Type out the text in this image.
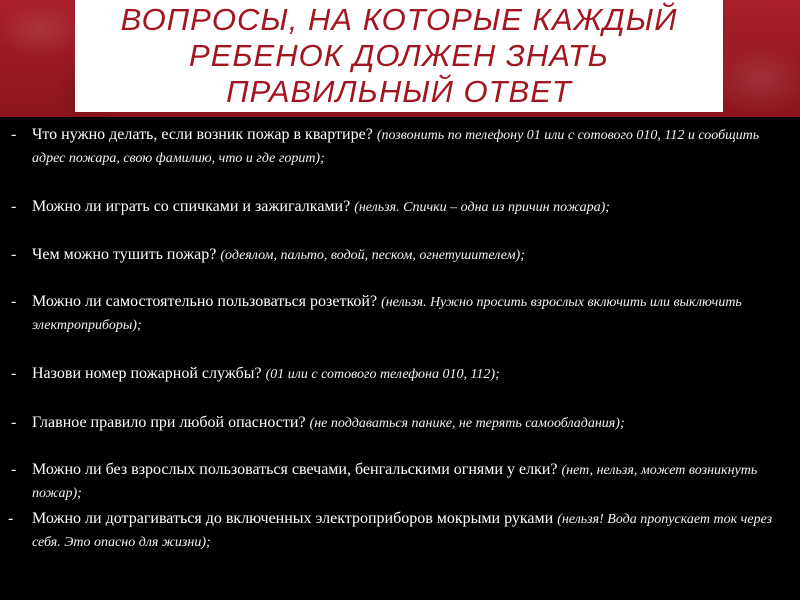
ВОПРОСЫ, НА КОТОРЫЕ КАЖДЫЙ
РЕБЕНОК ДОЛЖЕН ЗНАТЬ
ПРАВИЛЬНЫЙ ОТВЕТ
- Что нужно делать, если возник пожар в квартире? (позвонить по телефону 01 или с сотового 010, 112 и сообщить адрес пожара, свою фамилию, что и где горит);
- Можно ли играть со спичками и зажигалками? (нельзя. Спички – одна из причин пожара);
- Чем можно тушить пожар? (одеялом, пальто, водой, песком, огнетушителем);
- Можно ли самостоятельно пользоваться розеткой? (нельзя. Нужно просить взрослых включить или выключить электроприборы);
- Назови номер пожарной службы? (01 или с сотового телефона 010, 112);
- Главное правило при любой опасности? (не поддаваться панике, не терять самообладания);
- Можно ли без взрослых пользоваться свечами, бенгальскими огнями у елки? (нет, нельзя, может возникнуть пожар);
-	Можно ли дотрагиваться до включенных электроприборов мокрыми руками (нельзя! Вода пропускает ток через себя. Это опасно для жизни);
